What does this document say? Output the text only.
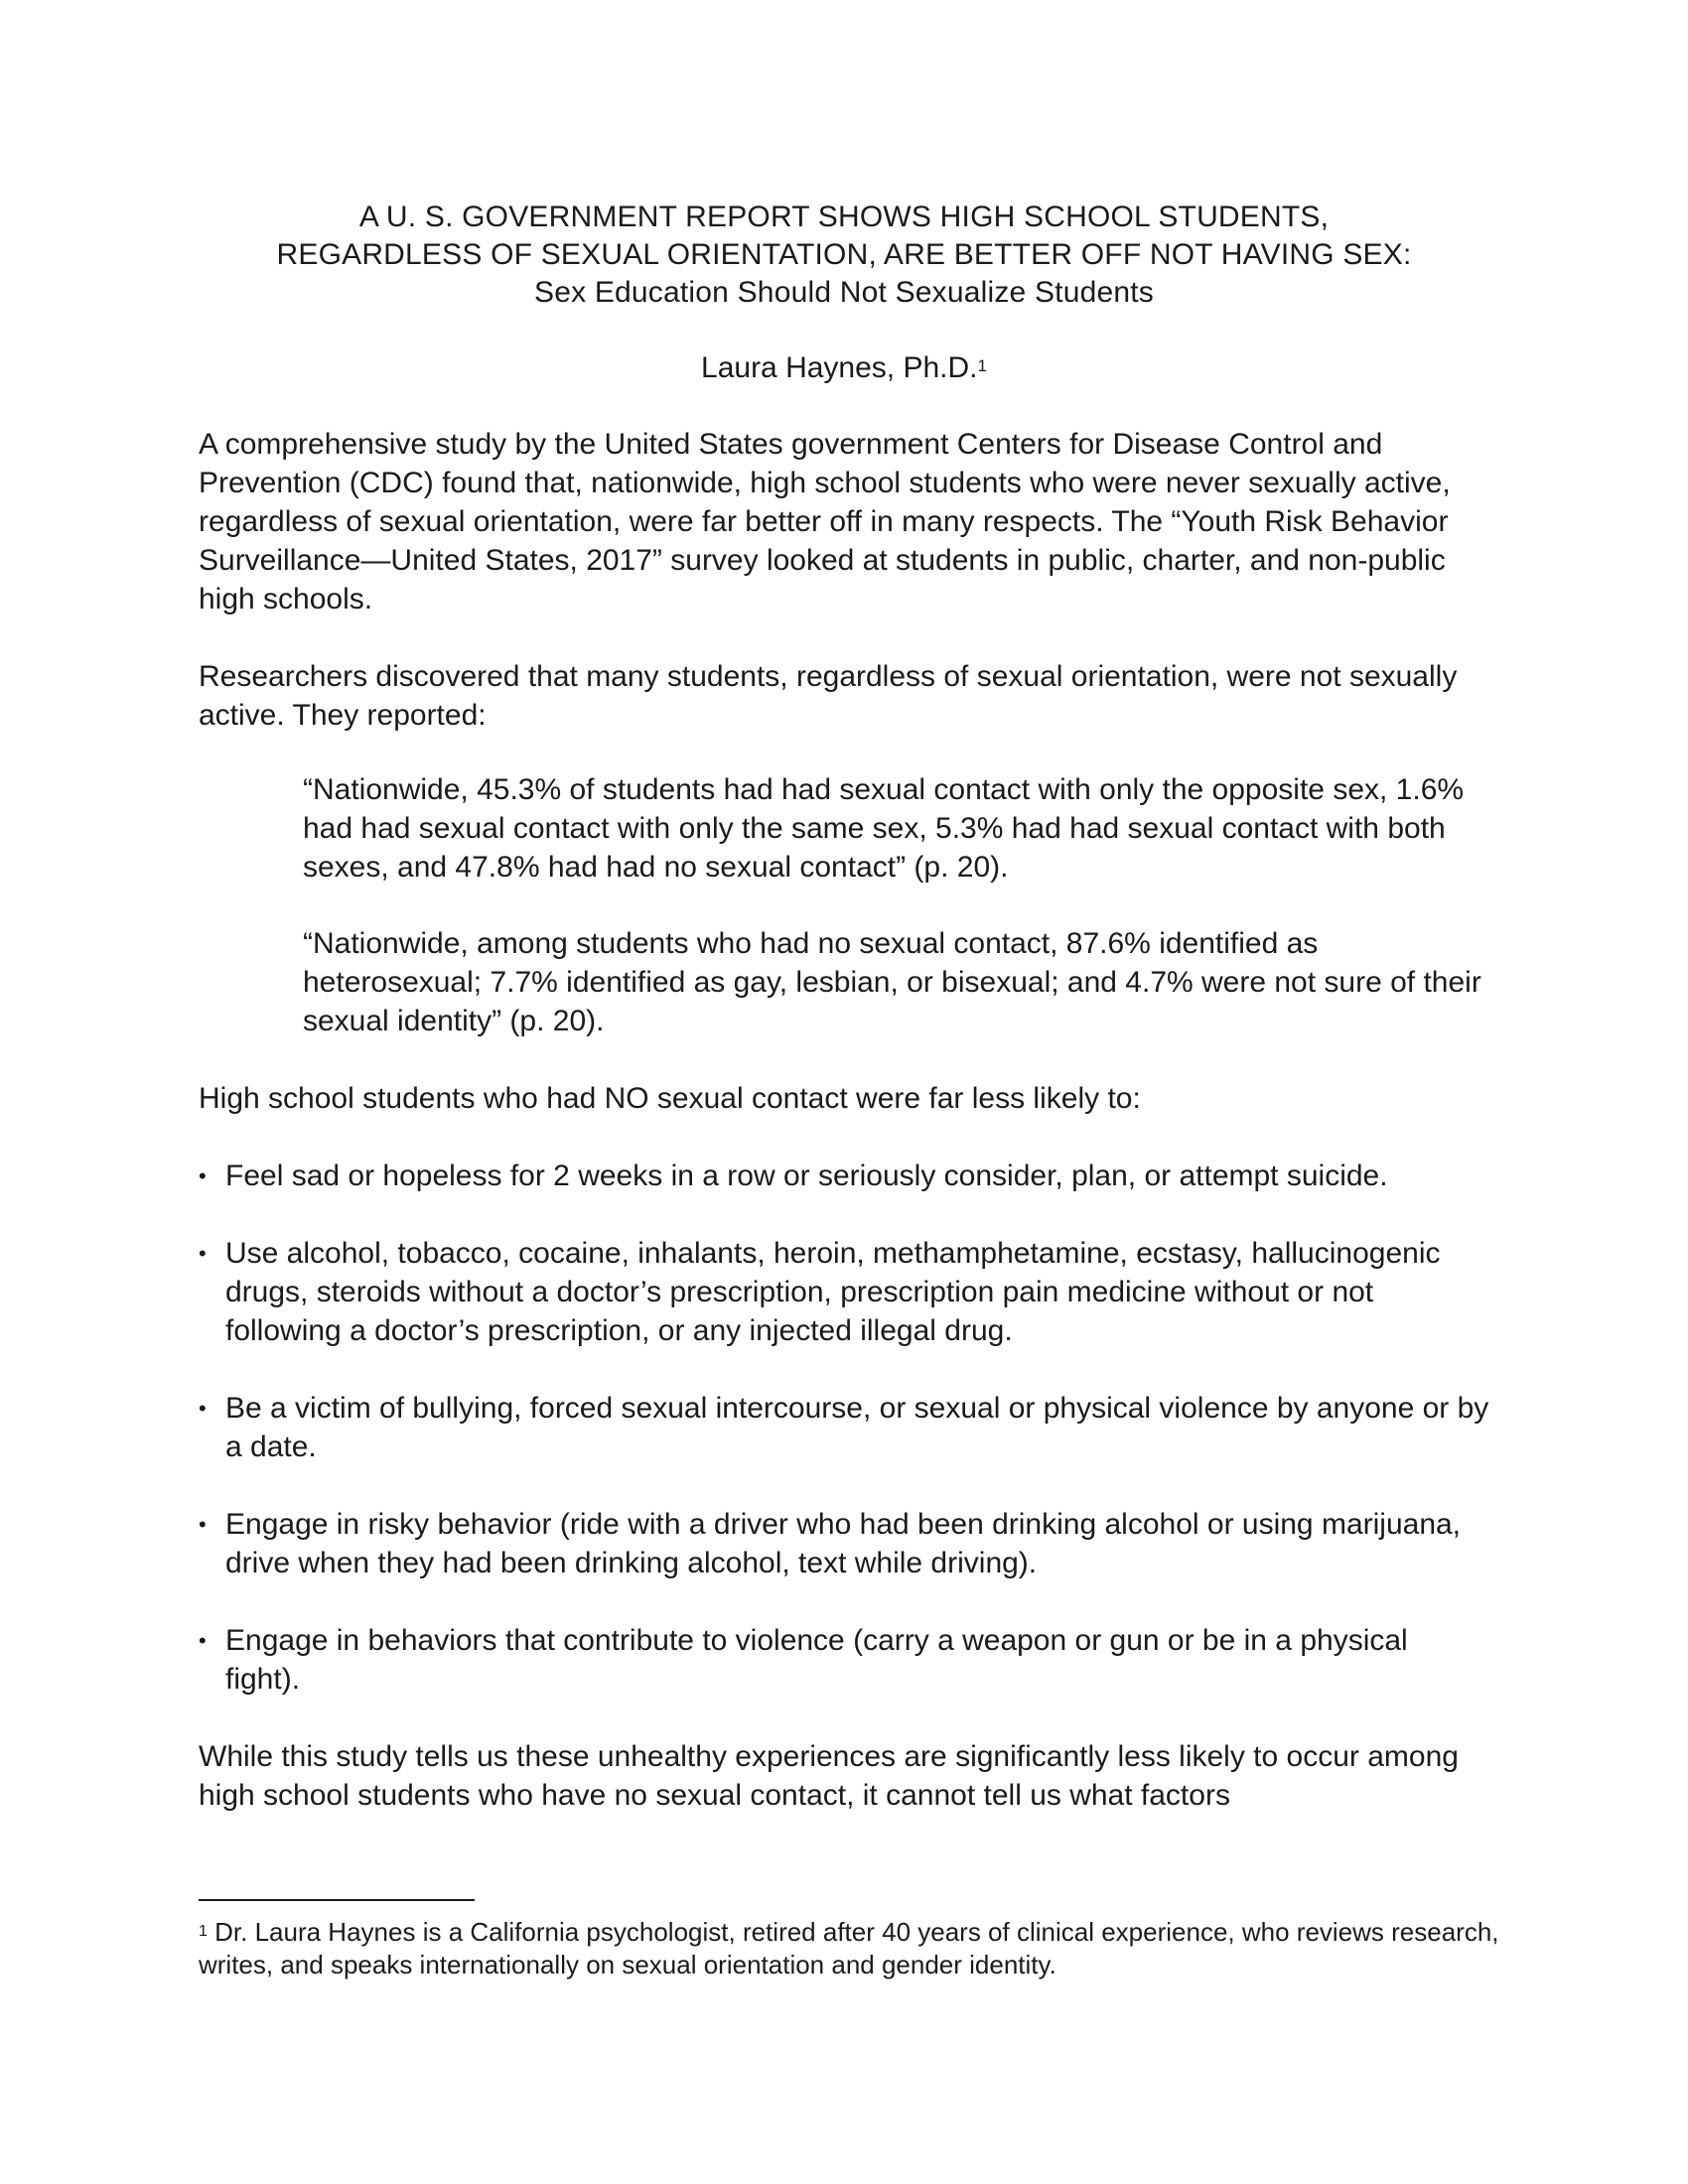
A U. S. GOVERNMENT REPORT SHOWS HIGH SCHOOL STUDENTS,
REGARDLESS OF SEXUAL ORIENTATION, ARE BETTER OFF NOT HAVING SEX:
Sex Education Should Not Sexualize Students
Laura Haynes, Ph.D.$^1$

A comprehensive study by the United States government Centers for Disease Control and Prevention (CDC) found that, nationwide, high school students who were never sexually active, regardless of sexual orientation, were far better off in many respects. The “Youth Risk Behavior Surveillance—United States, 2017” survey looked at students in public, charter, and non-public high schools.

Researchers discovered that many students, regardless of sexual orientation, were not sexually active. They reported:

“Nationwide, 45.3% of students had had sexual contact with only the opposite sex, 1.6% had had sexual contact with only the same sex, 5.3% had had sexual contact with both sexes, and 47.8% had had no sexual contact” (p. 20).

“Nationwide, among students who had no sexual contact, 87.6% identified as heterosexual; 7.7% identified as gay, lesbian, or bisexual; and 4.7% were not sure of their sexual identity” (p. 20).

High school students who had NO sexual contact were far less likely to:

• Feel sad or hopeless for 2 weeks in a row or seriously consider, plan, or attempt suicide.
• Use alcohol, tobacco, cocaine, inhalants, heroin, methamphetamine, ecstasy, hallucinogenic drugs, steroids without a doctor’s prescription, prescription pain medicine without or not following a doctor’s prescription, or any injected illegal drug.
• Be a victim of bullying, forced sexual intercourse, or sexual or physical violence by anyone or by a date.
• Engage in risky behavior (ride with a driver who had been drinking alcohol or using marijuana, drive when they had been drinking alcohol, text while driving).
• Engage in behaviors that contribute to violence (carry a weapon or gun or be in a physical fight).

While this study tells us these unhealthy experiences are significantly less likely to occur among high school students who have no sexual contact, it cannot tell us what factors

$^1$ Dr. Laura Haynes is a California psychologist, retired after 40 years of clinical experience, who reviews research, writes, and speaks internationally on sexual orientation and gender identity.
